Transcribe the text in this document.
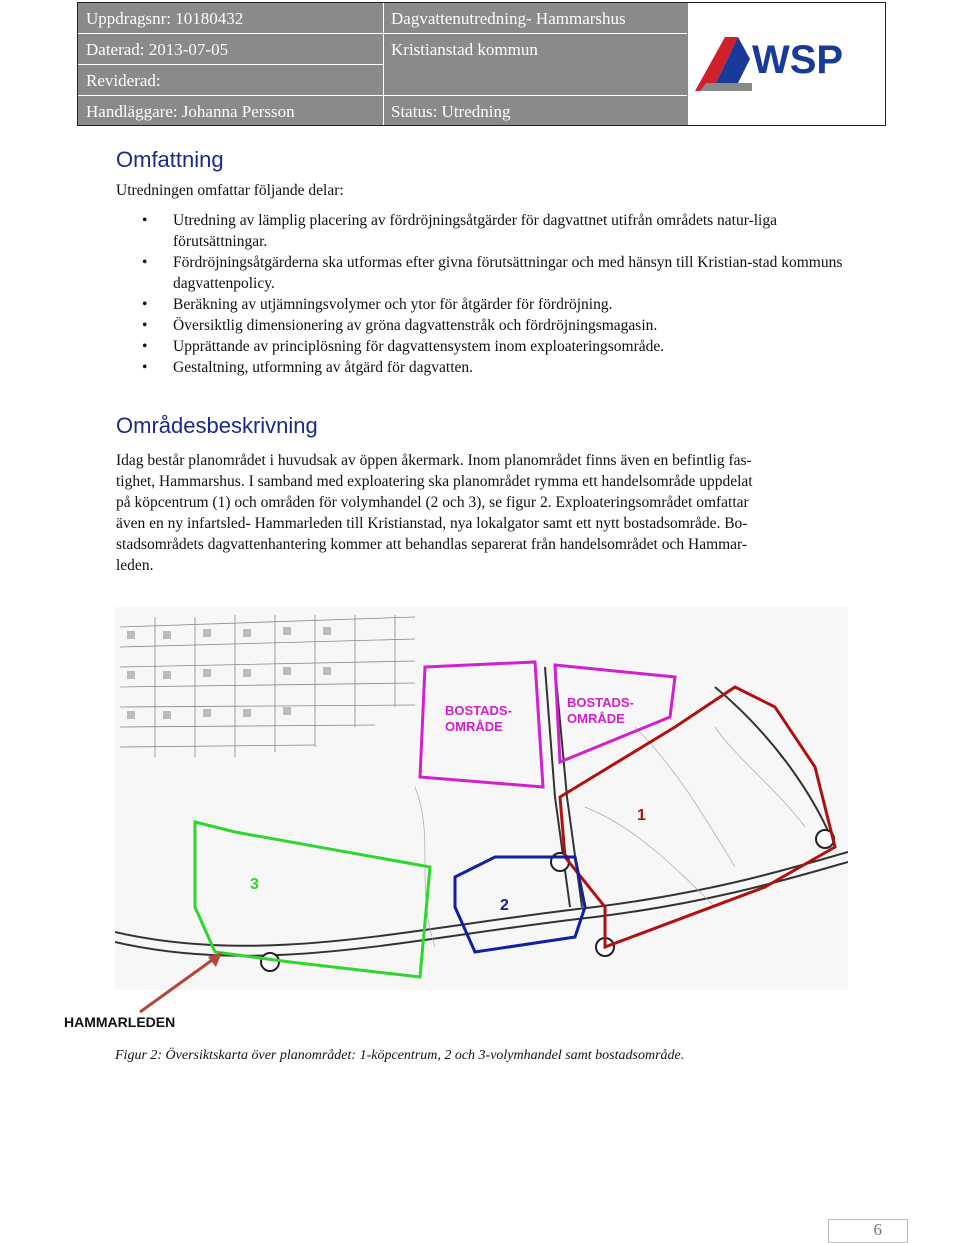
Uppdragsnr: 10180432
Daterad: 2013-07-05
Reviderad:
Handläggare: Johanna Persson
Dagvattenutredning- Hammarshus
Kristianstad kommun
Status: Utredning
WSP
Omfattning
Utredningen omfattar följande delar:
• Utredning av lämplig placering av fördröjningsåtgärder för dagvattnet utifrån områdets natur-liga förutsättningar.
• Fördröjningsåtgärderna ska utformas efter givna förutsättningar och med hänsyn till Kristian-stad kommuns dagvattenpolicy.
• Beräkning av utjämningsvolymer och ytor för åtgärder för fördröjning.
• Översiktlig dimensionering av gröna dagvattenstråk och fördröjningsmagasin.
• Upprättande av principlösning för dagvattensystem inom exploateringsområde.
• Gestaltning, utformning av åtgärd för dagvatten.
Områdesbeskrivning
Idag består planområdet i huvudsak av öppen åkermark. Inom planområdet finns även en befintlig fas-
tighet, Hammarshus. I samband med exploatering ska planområdet rymma ett handelsområde uppdelat
på köpcentrum (1) och områden för volymhandel (2 och 3), se figur 2. Exploateringsområdet omfattar
även en ny infartsled- Hammarleden till Kristianstad, nya lokalgator samt ett nytt bostadsområde. Bo-
stadsområdets dagvattenhantering kommer att behandlas separerat från handelsområdet och Hammar-
leden.
BOSTADS-
OMRÅDE
BOSTADS-
OMRÅDE
1
2
3
HAMMARLEDEN
Figur 2: Översiktskarta över planområdet: 1-köpcentrum, 2 och 3-volymhandel samt bostadsområde.
6
